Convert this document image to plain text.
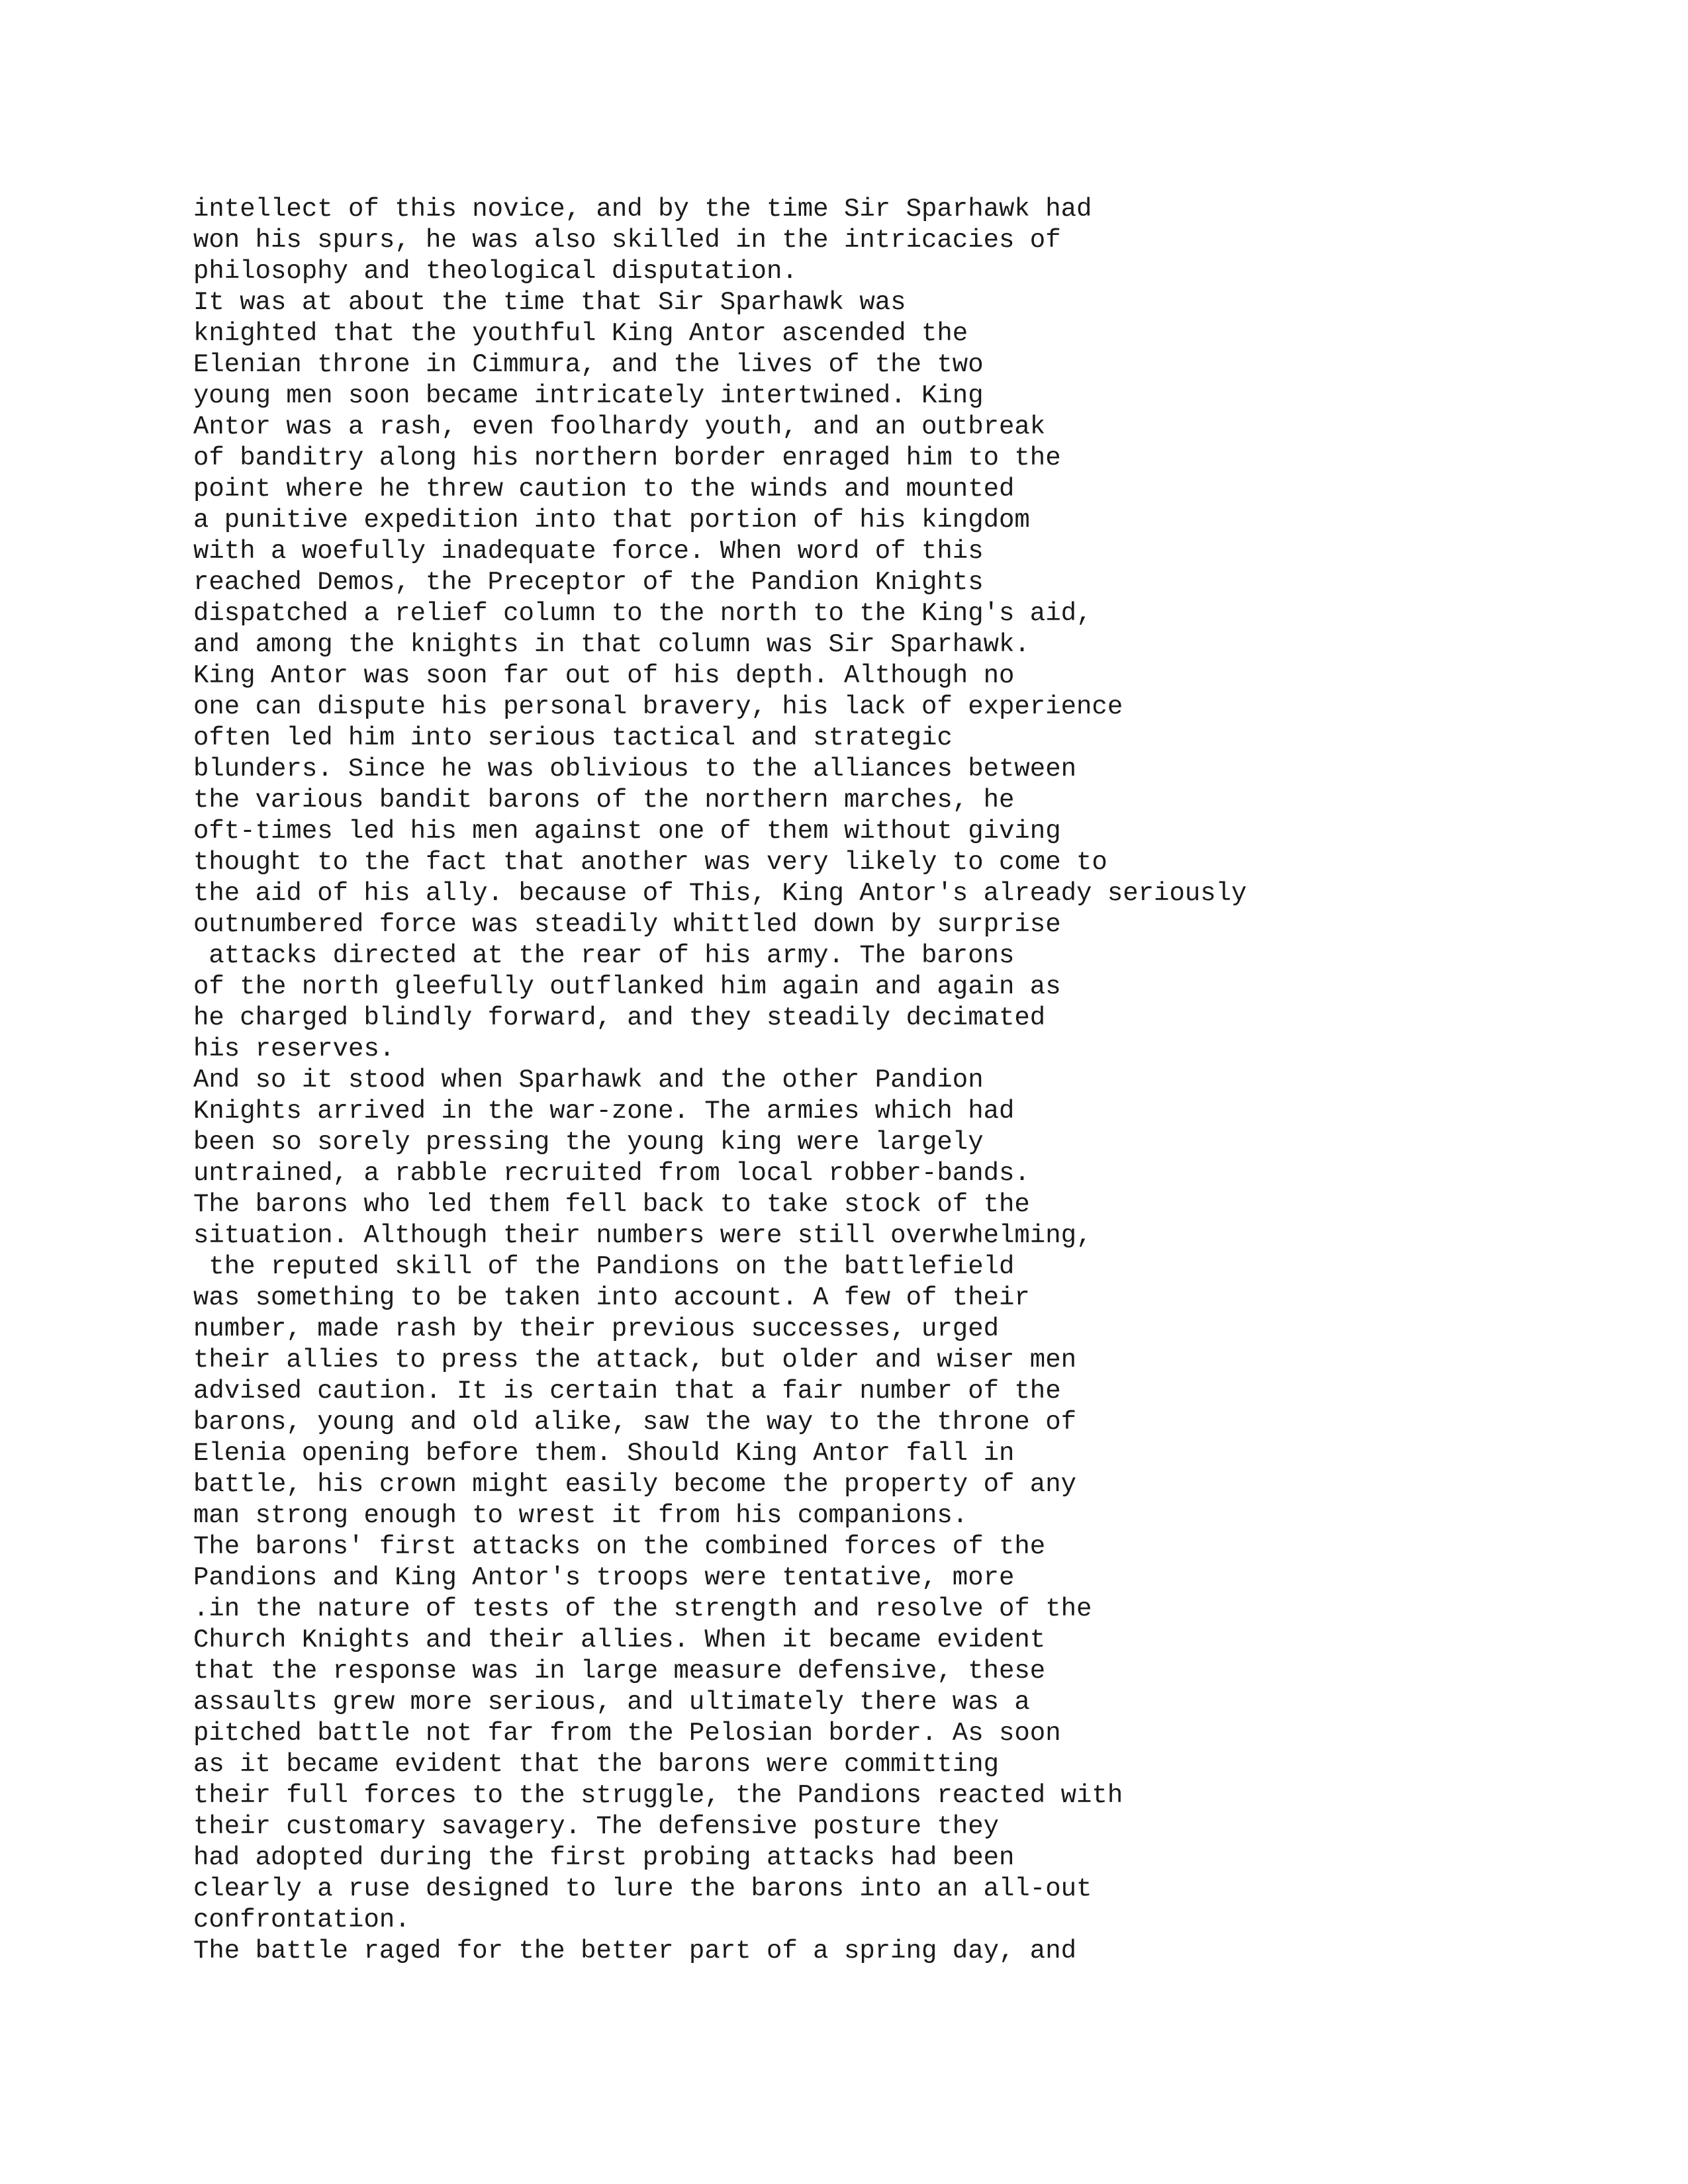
intellect of this novice, and by the time Sir Sparhawk had
won his spurs, he was also skilled in the intricacies of
philosophy and theological disputation.
It was at about the time that Sir Sparhawk was
knighted that the youthful King Antor ascended the
Elenian throne in Cimmura, and the lives of the two
young men soon became intricately intertwined. King
Antor was a rash, even foolhardy youth, and an outbreak
of banditry along his northern border enraged him to the
point where he threw caution to the winds and mounted
a punitive expedition into that portion of his kingdom
with a woefully inadequate force. When word of this
reached Demos, the Preceptor of the Pandion Knights
dispatched a relief column to the north to the King's aid,
and among the knights in that column was Sir Sparhawk.
King Antor was soon far out of his depth. Although no
one can dispute his personal bravery, his lack of experience
often led him into serious tactical and strategic
blunders. Since he was oblivious to the alliances between
the various bandit barons of the northern marches, he
oft-times led his men against one of them without giving
thought to the fact that another was very likely to come to
the aid of his ally. because of This, King Antor's already seriously
outnumbered force was steadily whittled down by surprise
attacks directed at the rear of his army. The barons
of the north gleefully outflanked him again and again as
he charged blindly forward, and they steadily decimated
his reserves.
And so it stood when Sparhawk and the other Pandion
Knights arrived in the war-zone. The armies which had
been so sorely pressing the young king were largely
untrained, a rabble recruited from local robber-bands.
The barons who led them fell back to take stock of the
situation. Although their numbers were still overwhelming,
the reputed skill of the Pandions on the battlefield
was something to be taken into account. A few of their
number, made rash by their previous successes, urged
their allies to press the attack, but older and wiser men
advised caution. It is certain that a fair number of the
barons, young and old alike, saw the way to the throne of
Elenia opening before them. Should King Antor fall in
battle, his crown might easily become the property of any
man strong enough to wrest it from his companions.
The barons' first attacks on the combined forces of the
Pandions and King Antor's troops were tentative, more
.in the nature of tests of the strength and resolve of the
Church Knights and their allies. When it became evident
that the response was in large measure defensive, these
assaults grew more serious, and ultimately there was a
pitched battle not far from the Pelosian border. As soon
as it became evident that the barons were committing
their full forces to the struggle, the Pandions reacted with
their customary savagery. The defensive posture they
had adopted during the first probing attacks had been
clearly a ruse designed to lure the barons into an all-out
confrontation.
The battle raged for the better part of a spring day, and
